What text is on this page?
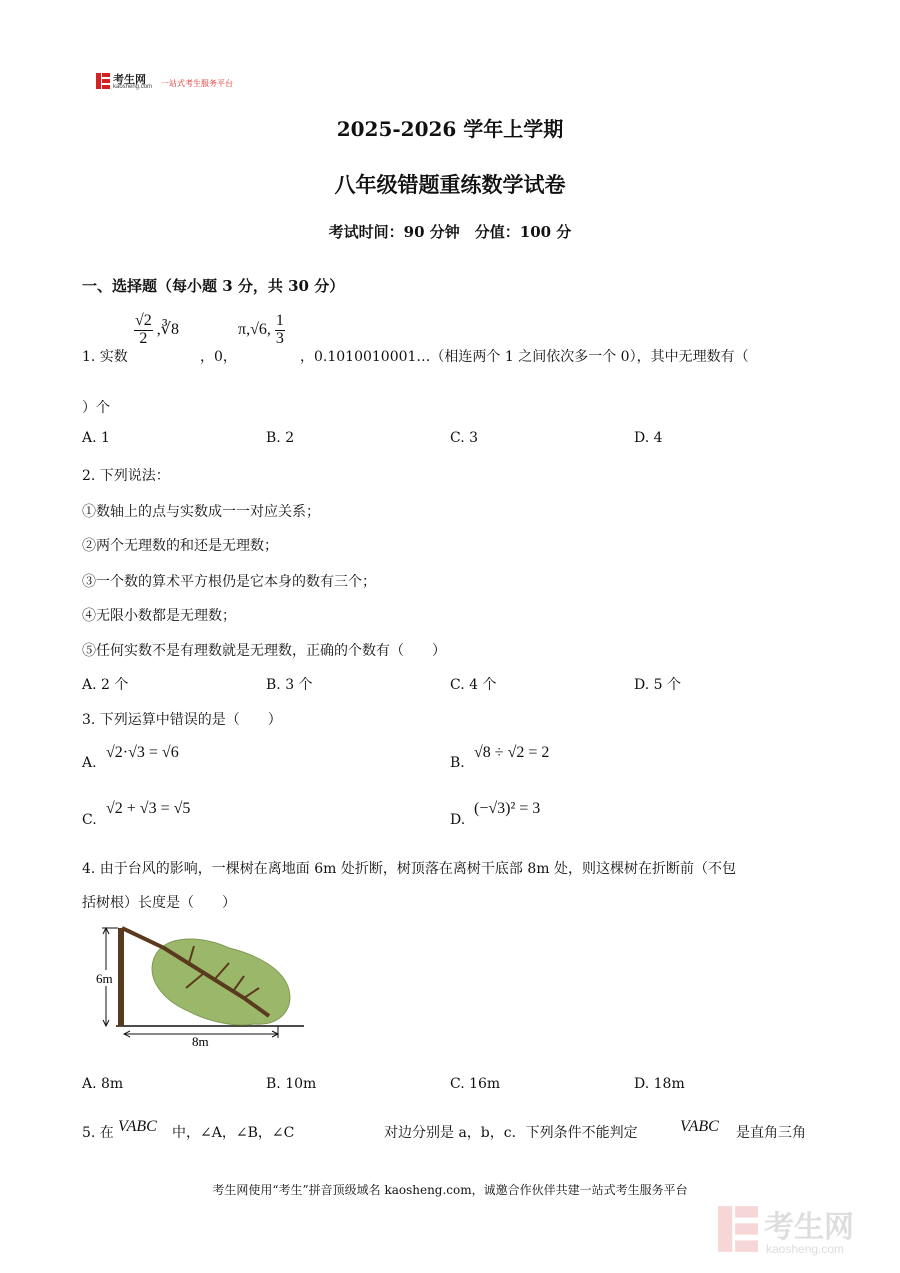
考生网
kaosheng.com 一站式考生服务平台
2025-2026 学年上学期
八年级错题重练数学试卷
考试时间：90 分钟　分值：100 分
一、选择题（每小题 3 分，共 30 分）
1. 实数
$\frac{√2}{2}$ ,∛8
，0，
π,√6, $\frac{1}{3}$
，0.1010010001…（相连两个 1 之间依次多一个 0），其中无理数有（
）个
A. 1	B. 2	C. 3	D. 4
2. 下列说法：
①数轴上的点与实数成一一对应关系；
②两个无理数的和还是无理数；
③一个数的算术平方根仍是它本身的数有三个；
④无限小数都是无理数；
⑤任何实数不是有理数就是无理数，正确的个数有（　　）
A. 2 个	B. 3 个	C. 4 个	D. 5 个
3. 下列运算中错误的是（　　）
A.
√2·√3 = √6
B.
√8 ÷ √2 = 2
C.
√2 + √3 = √5
D.
(−√3)² = 3
4. 由于台风的影响，一棵树在离地面 6m 处折断，树顶落在离树干底部 8m 处，则这棵树在折断前（不包
括树根）长度是（　　）
6m
8m
A. 8m	B. 10m	C. 16m	D. 18m
5. 在 VABC 中，∠A，∠B，∠C	对边分别是 a，b，c．下列条件不能判定	VABC 是直角三角
考生网使用“考生”拼音顶级域名 kaosheng.com，诚邀合作伙伴共建一站式考生服务平台
考生网
kaosheng.com
